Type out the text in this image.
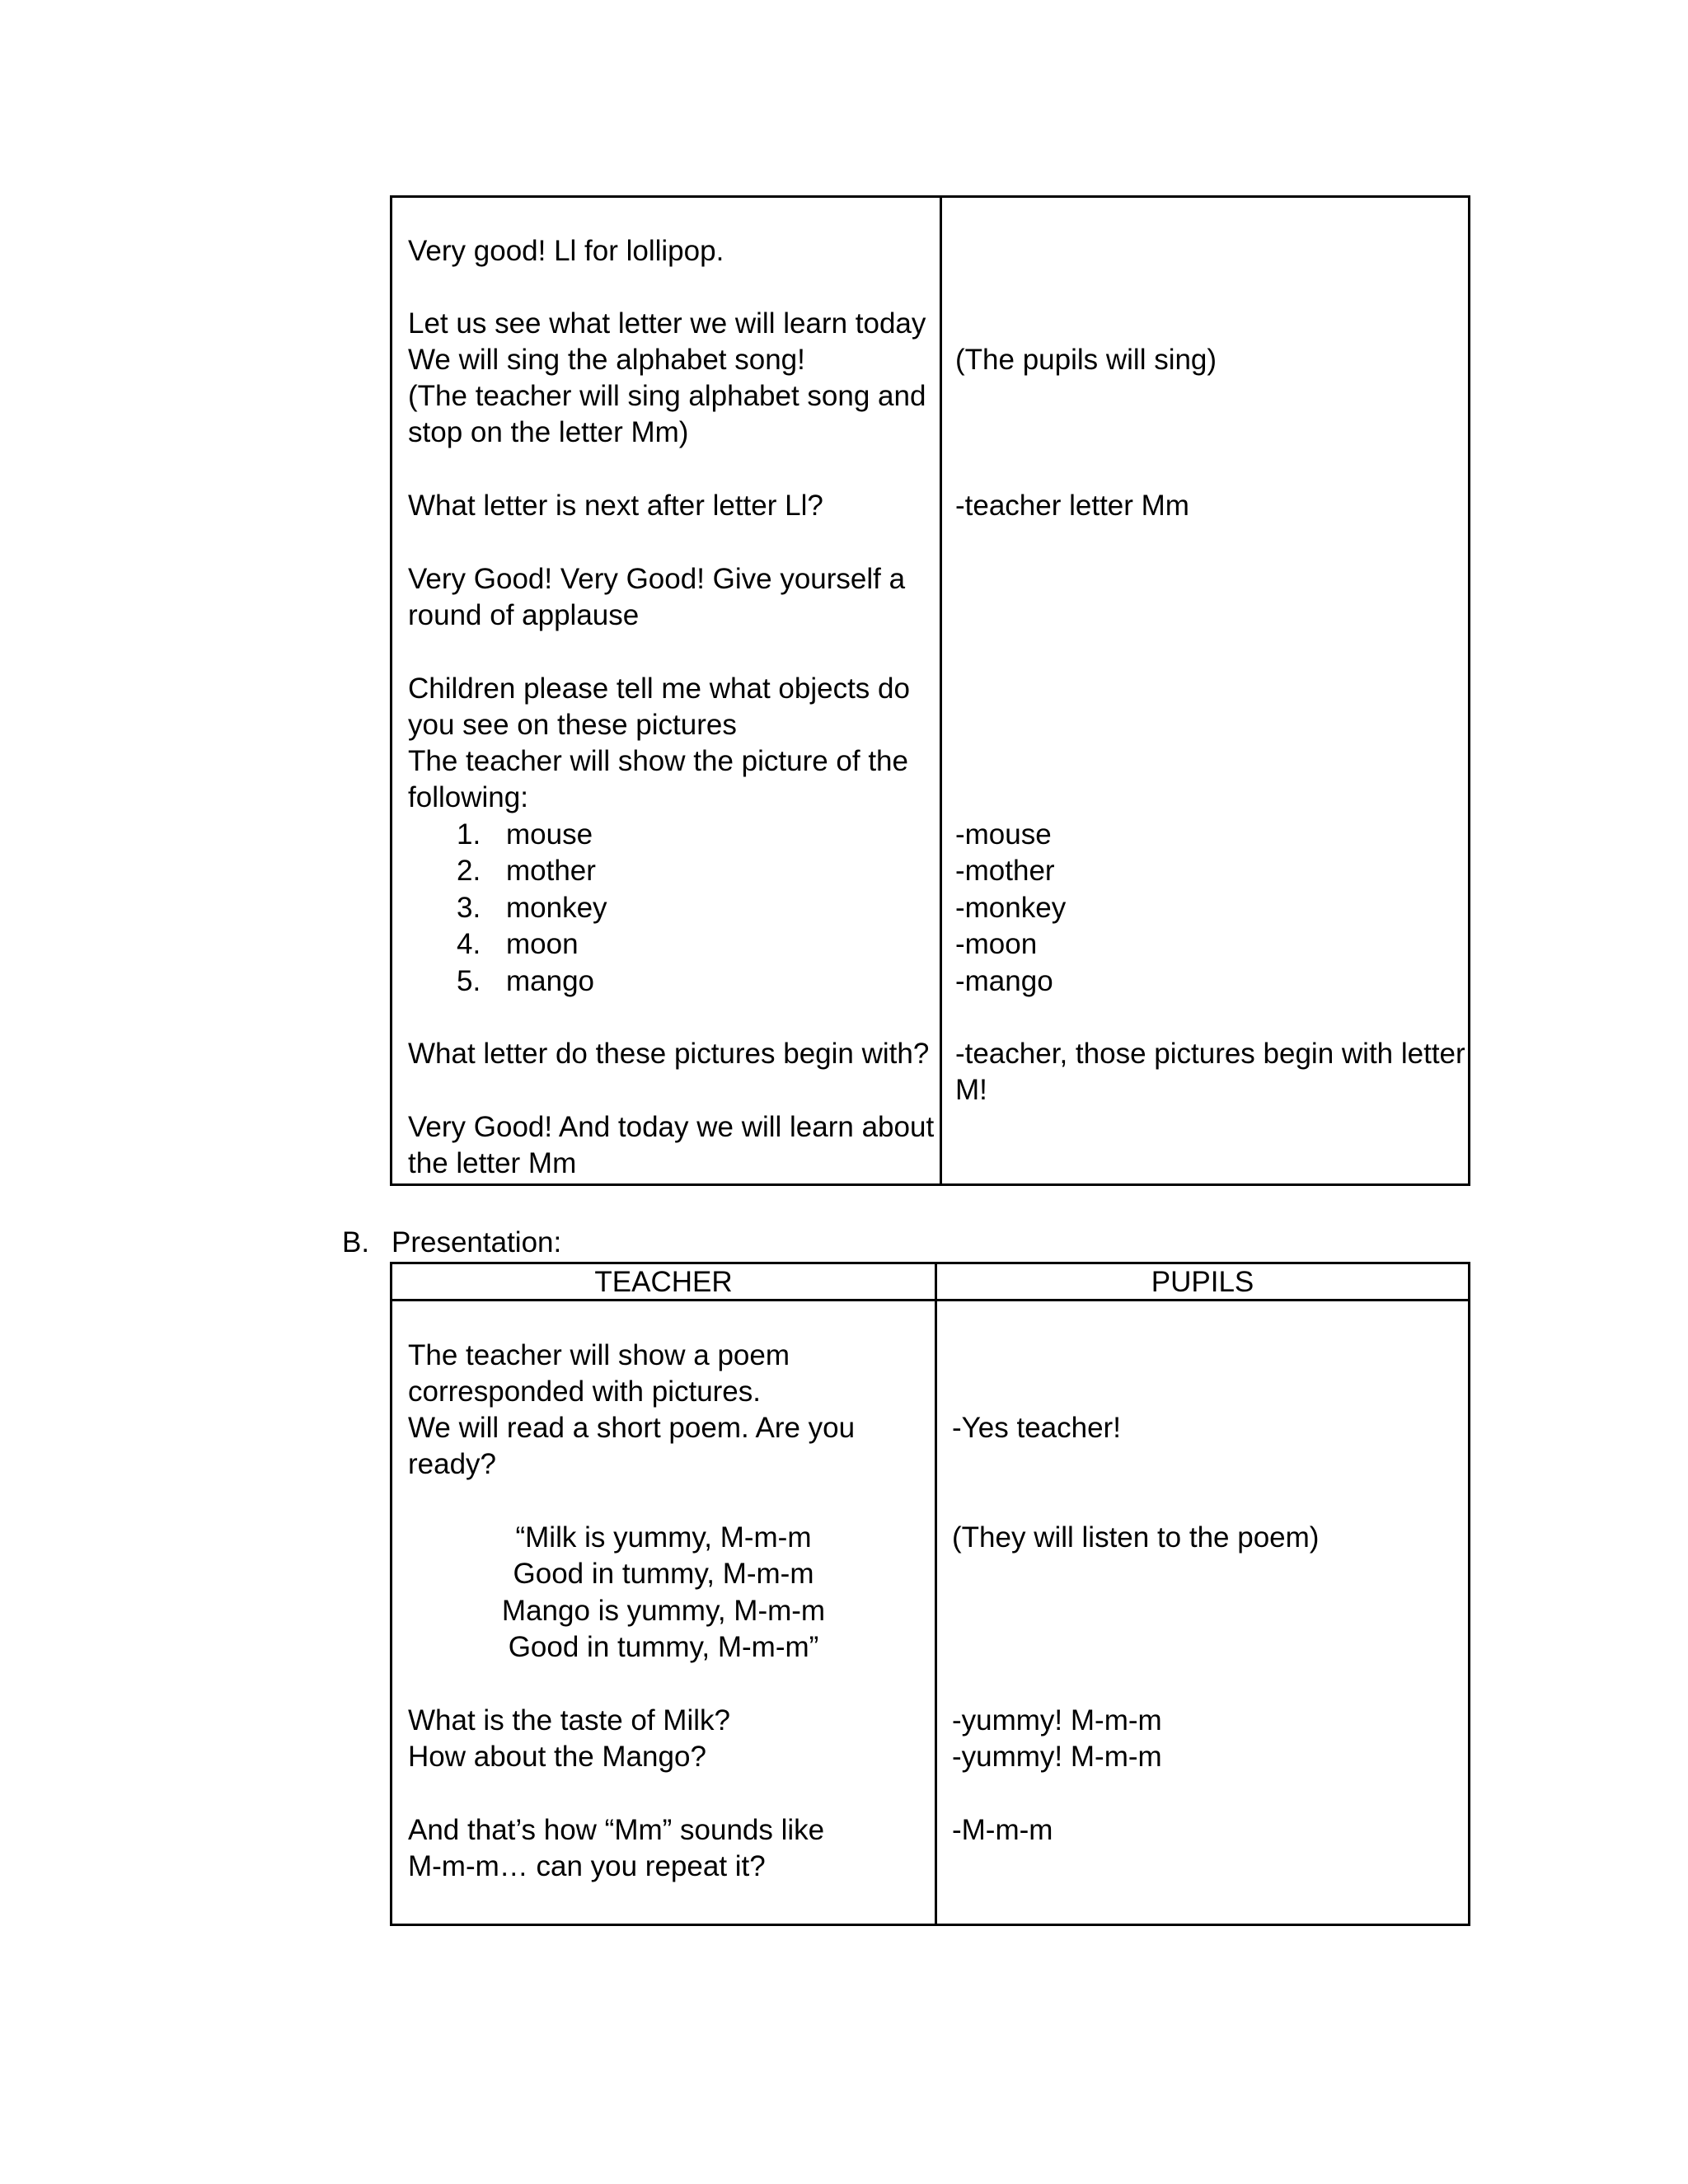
Very good! Ll for lollipop.
Let us see what letter we will learn today
We will sing the alphabet song!
(The teacher will sing alphabet song and
stop on the letter Mm)
What letter is next after letter Ll?
Very Good! Very Good! Give yourself a
round of applause
Children please tell me what objects do
you see on these pictures
The teacher will show the picture of the
following:
1. mouse
2. mother
3. monkey
4. moon
5. mango
What letter do these pictures begin with?
Very Good! And today we will learn about
the letter Mm
(The pupils will sing)
-teacher letter Mm
-mouse
-mother
-monkey
-moon
-mango
-teacher, those pictures begin with letter
M!
B. Presentation:
TEACHER	PUPILS
The teacher will show a poem
corresponded with pictures.
We will read a short poem. Are you
ready?
“Milk is yummy, M-m-m
Good in tummy, M-m-m
Mango is yummy, M-m-m
Good in tummy, M-m-m”
What is the taste of Milk?
How about the Mango?
And that’s how “Mm” sounds like
M-m-m… can you repeat it?
-Yes teacher!
(They will listen to the poem)
-yummy! M-m-m
-yummy! M-m-m
-M-m-m
